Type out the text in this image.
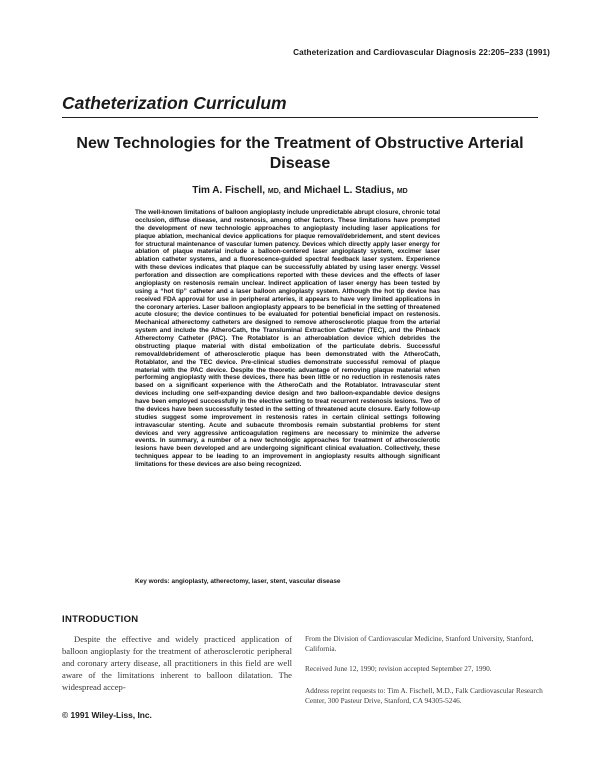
Catheterization and Cardiovascular Diagnosis 22:205–233 (1991)
Catheterization Curriculum
New Technologies for the Treatment of Obstructive Arterial Disease
Tim A. Fischell, MD, and Michael L. Stadius, MD
The well-known limitations of balloon angioplasty include unpredictable abrupt closure, chronic total occlusion, diffuse disease, and restenosis, among other factors. These limitations have prompted the development of new technologic approaches to angioplasty including laser applications for plaque ablation, mechanical device applications for plaque removal/debridement, and stent devices for structural maintenance of vascular lumen patency. Devices which directly apply laser energy for ablation of plaque material include a balloon-centered laser angioplasty system, excimer laser ablation catheter systems, and a fluorescence-guided spectral feedback laser system. Experience with these devices indicates that plaque can be successfully ablated by using laser energy. Vessel perforation and dissection are complications reported with these devices and the effects of laser angioplasty on restenosis remain unclear. Indirect application of laser energy has been tested by using a “hot tip” catheter and a laser balloon angioplasty system. Although the hot tip device has received FDA approval for use in peripheral arteries, it appears to have very limited applications in the coronary arteries. Laser balloon angioplasty appears to be beneficial in the setting of threatened acute closure; the device continues to be evaluated for potential beneficial impact on restenosis. Mechanical atherectomy catheters are designed to remove atherosclerotic plaque from the arterial system and include the AtheroCath, the Transluminal Extraction Catheter (TEC), and the Pinback Atherectomy Catheter (PAC). The Rotablator is an atheroablation device which debrides the obstructing plaque material with distal embolization of the particulate debris. Successful removal/debridement of atherosclerotic plaque has been demonstrated with the AtheroCath, Rotablator, and the TEC device. Pre-clinical studies demonstrate successful removal of plaque material with the PAC device. Despite the theoretic advantage of removing plaque material when performing angioplasty with these devices, there has been little or no reduction in restenosis rates based on a significant experience with the AtheroCath and the Rotablator. Intravascular stent devices including one self-expanding device design and two balloon-expandable device designs have been employed successfully in the elective setting to treat recurrent restenosis lesions. Two of the devices have been successfully tested in the setting of threatened acute closure. Early follow-up studies suggest some improvement in restenosis rates in certain clinical settings following intravascular stenting. Acute and subacute thrombosis remain substantial problems for stent devices and very aggressive anticoagulation regimens are necessary to minimize the adverse events. In summary, a number of a new technologic approaches for treatment of atherosclerotic lesions have been developed and are undergoing significant clinical evaluation. Collectively, these techniques appear to be leading to an improvement in angioplasty results although significant limitations for these devices are also being recognized.
Key words: angioplasty, atherectomy, laser, stent, vascular disease
INTRODUCTION
Despite the effective and widely practiced application of balloon angioplasty for the treatment of atherosclerotic peripheral and coronary artery disease, all practitioners in this field are well aware of the limitations inherent to balloon dilatation. The widespread accep-
From the Division of Cardiovascular Medicine, Stanford University, Stanford, California.
Received June 12, 1990; revision accepted September 27, 1990.
Address reprint requests to: Tim A. Fischell, M.D., Falk Cardiovascular Research Center, 300 Pasteur Drive, Stanford, CA 94305-5246.
© 1991 Wiley-Liss, Inc.
